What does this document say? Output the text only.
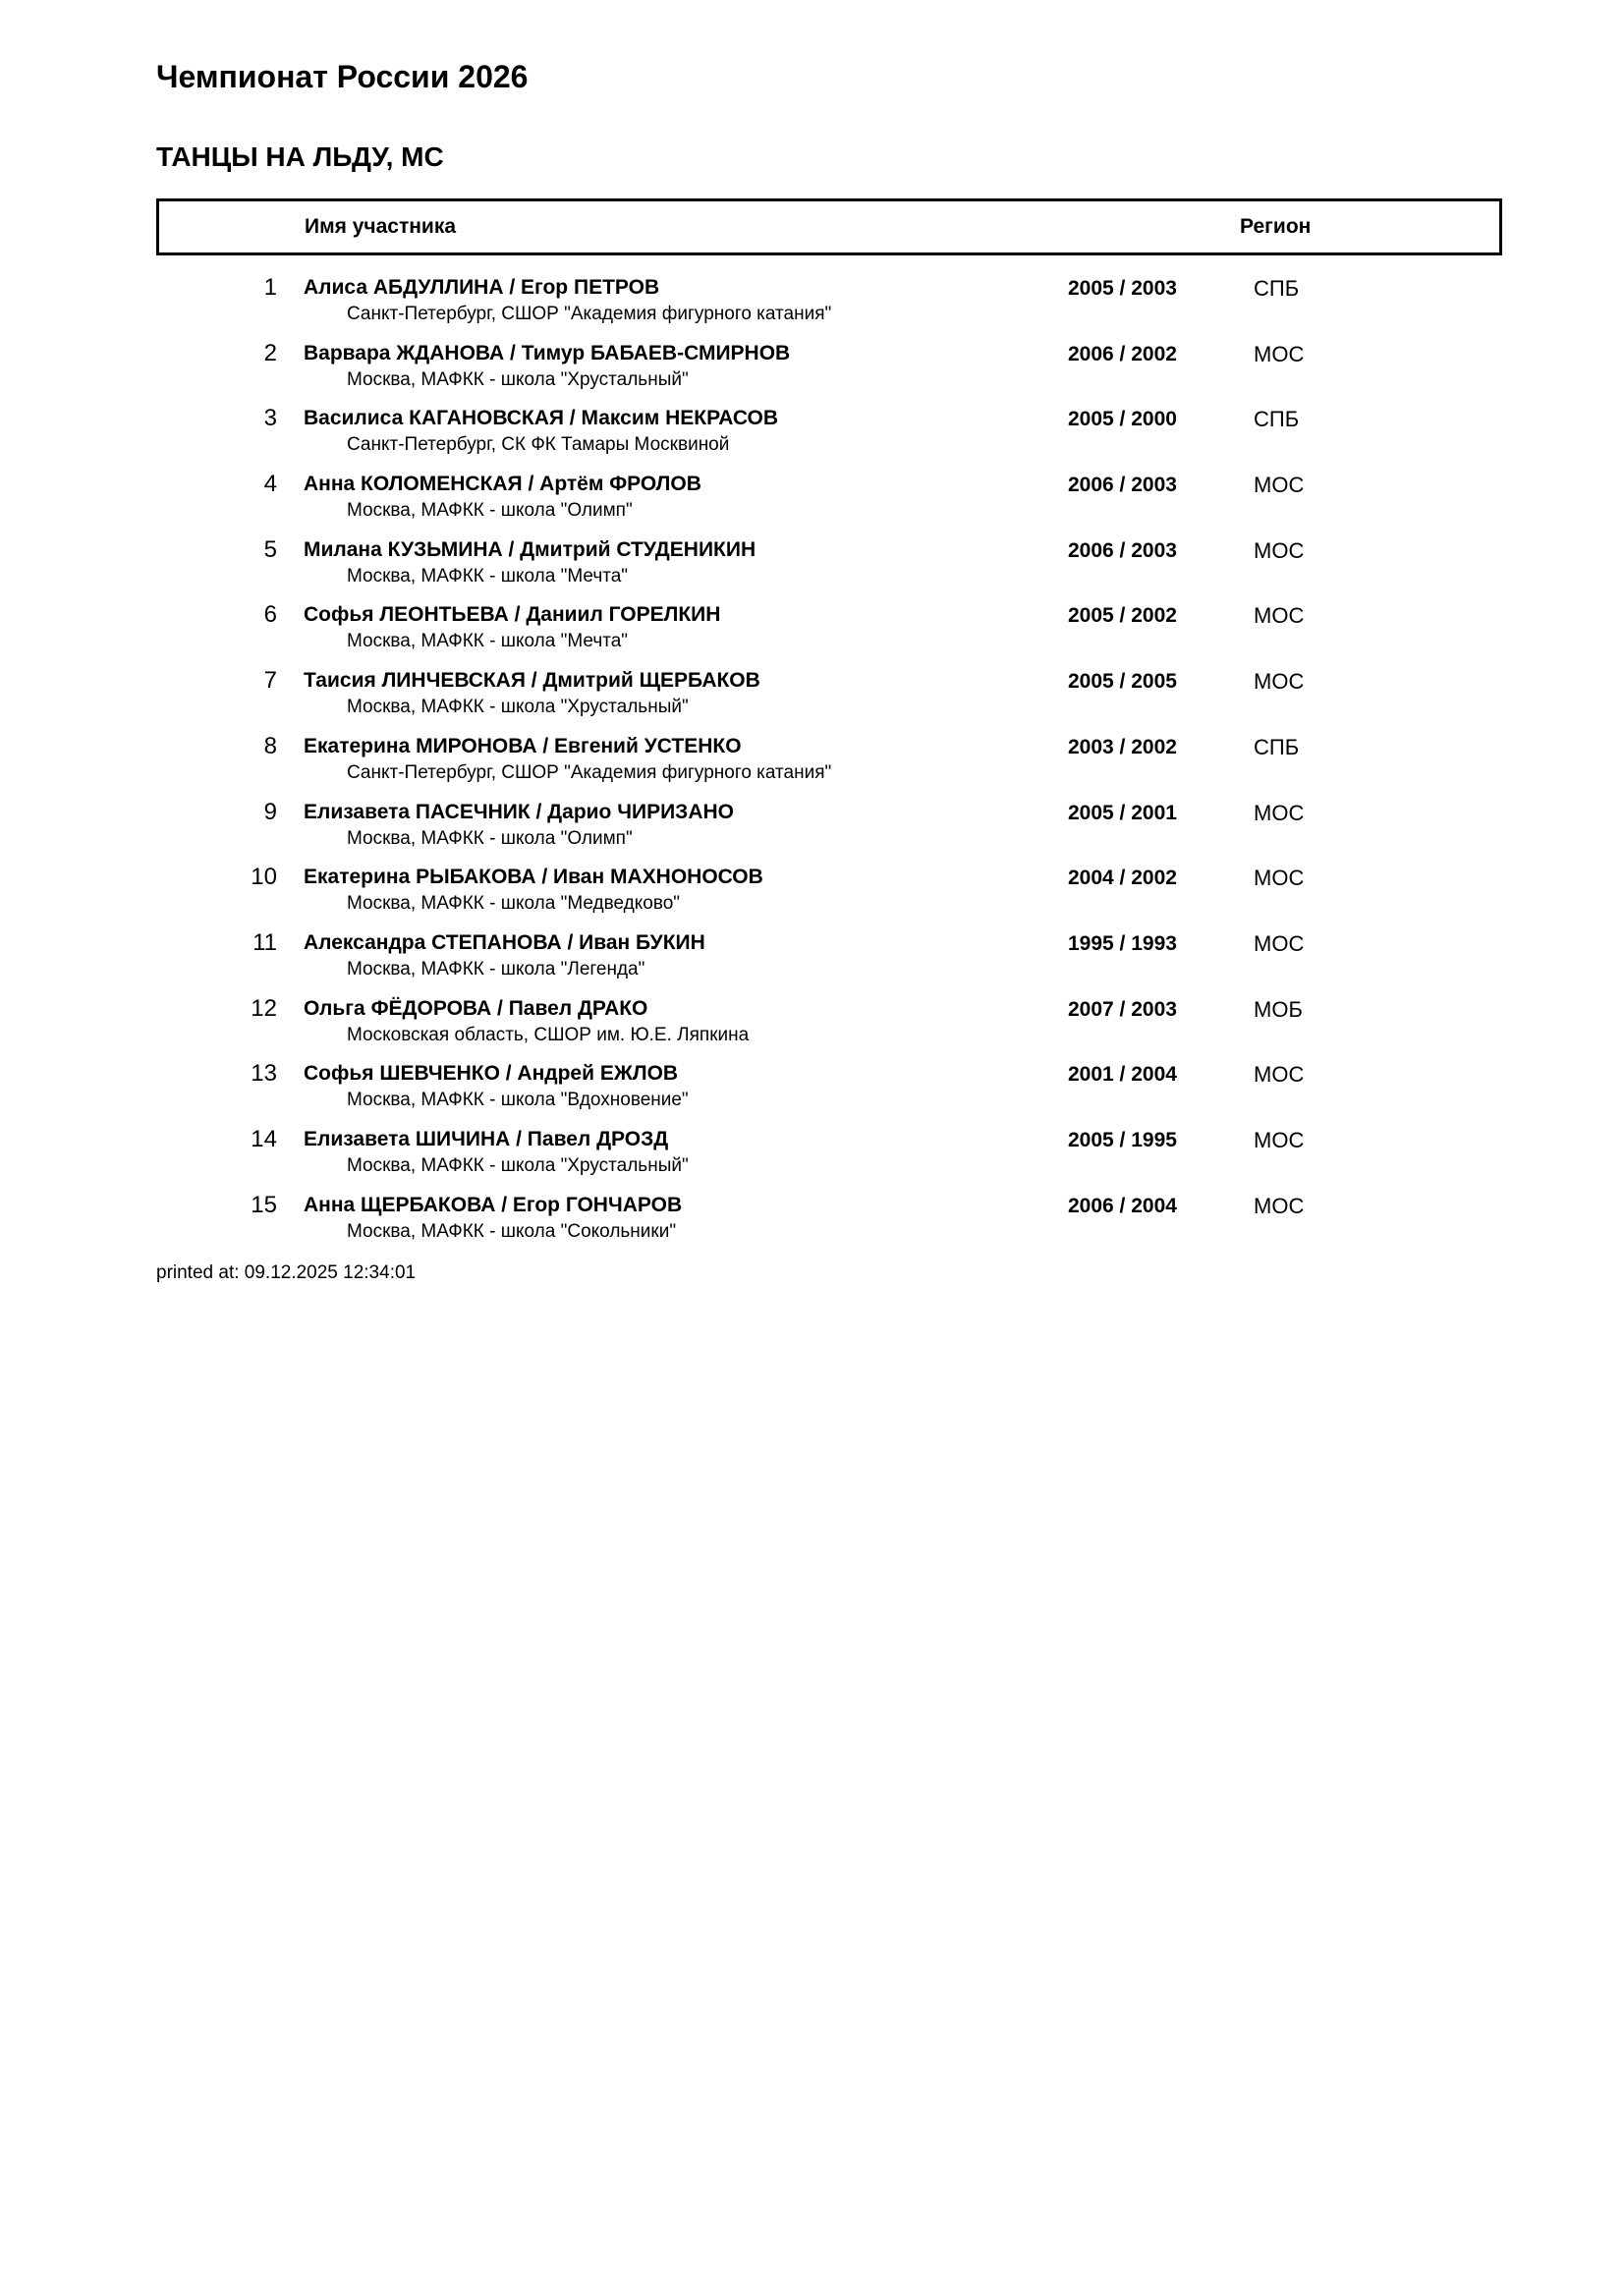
Чемпионат России 2026
ТАНЦЫ НА ЛЬДУ, МС
Имя участника	Регион
1 Алиса АБДУЛЛИНА / Егор ПЕТРОВ
Санкт-Петербург, СШОР "Академия фигурного катания"
2005 / 2003	СПБ
2 Варвара ЖДАНОВА / Тимур БАБАЕВ-СМИРНОВ
Москва, МАФКК - школа "Хрустальный"
2006 / 2002	МОС
3 Василиса КАГАНОВСКАЯ / Максим НЕКРАСОВ
Санкт-Петербург, СК ФК Тамары Москвиной
2005 / 2000	СПБ
4 Анна КОЛОМЕНСКАЯ / Артём ФРОЛОВ
Москва, МАФКК - школа "Олимп"
2006 / 2003	МОС
5 Милана КУЗЬМИНА / Дмитрий СТУДЕНИКИН
Москва, МАФКК - школа "Мечта"
2006 / 2003	МОС
6 Софья ЛЕОНТЬЕВА / Даниил ГОРЕЛКИН
Москва, МАФКК - школа "Мечта"
2005 / 2002	МОС
7 Таисия ЛИНЧЕВСКАЯ / Дмитрий ЩЕРБАКОВ
Москва, МАФКК - школа "Хрустальный"
2005 / 2005	МОС
8 Екатерина МИРОНОВА / Евгений УСТЕНКО
Санкт-Петербург, СШОР "Академия фигурного катания"
2003 / 2002	СПБ
9 Елизавета ПАСЕЧНИК / Дарио ЧИРИЗАНО
Москва, МАФКК - школа "Олимп"
2005 / 2001	МОС
10 Екатерина РЫБАКОВА / Иван МАХНОНОСОВ
Москва, МАФКК - школа "Медведково"
2004 / 2002	МОС
11 Александра СТЕПАНОВА / Иван БУКИН
Москва, МАФКК - школа "Легенда"
1995 / 1993	МОС
12 Ольга ФЁДОРОВА / Павел ДРАКО
Московская область, СШОР им. Ю.Е. Ляпкина
2007 / 2003	МОБ
13 Софья ШЕВЧЕНКО / Андрей ЕЖЛОВ
Москва, МАФКК - школа "Вдохновение"
2001 / 2004	МОС
14 Елизавета ШИЧИНА / Павел ДРОЗД
Москва, МАФКК - школа "Хрустальный"
2005 / 1995	МОС
15 Анна ЩЕРБАКОВА / Егор ГОНЧАРОВ
Москва, МАФКК - школа "Сокольники"
2006 / 2004	МОС
printed at: 09.12.2025 12:34:01
